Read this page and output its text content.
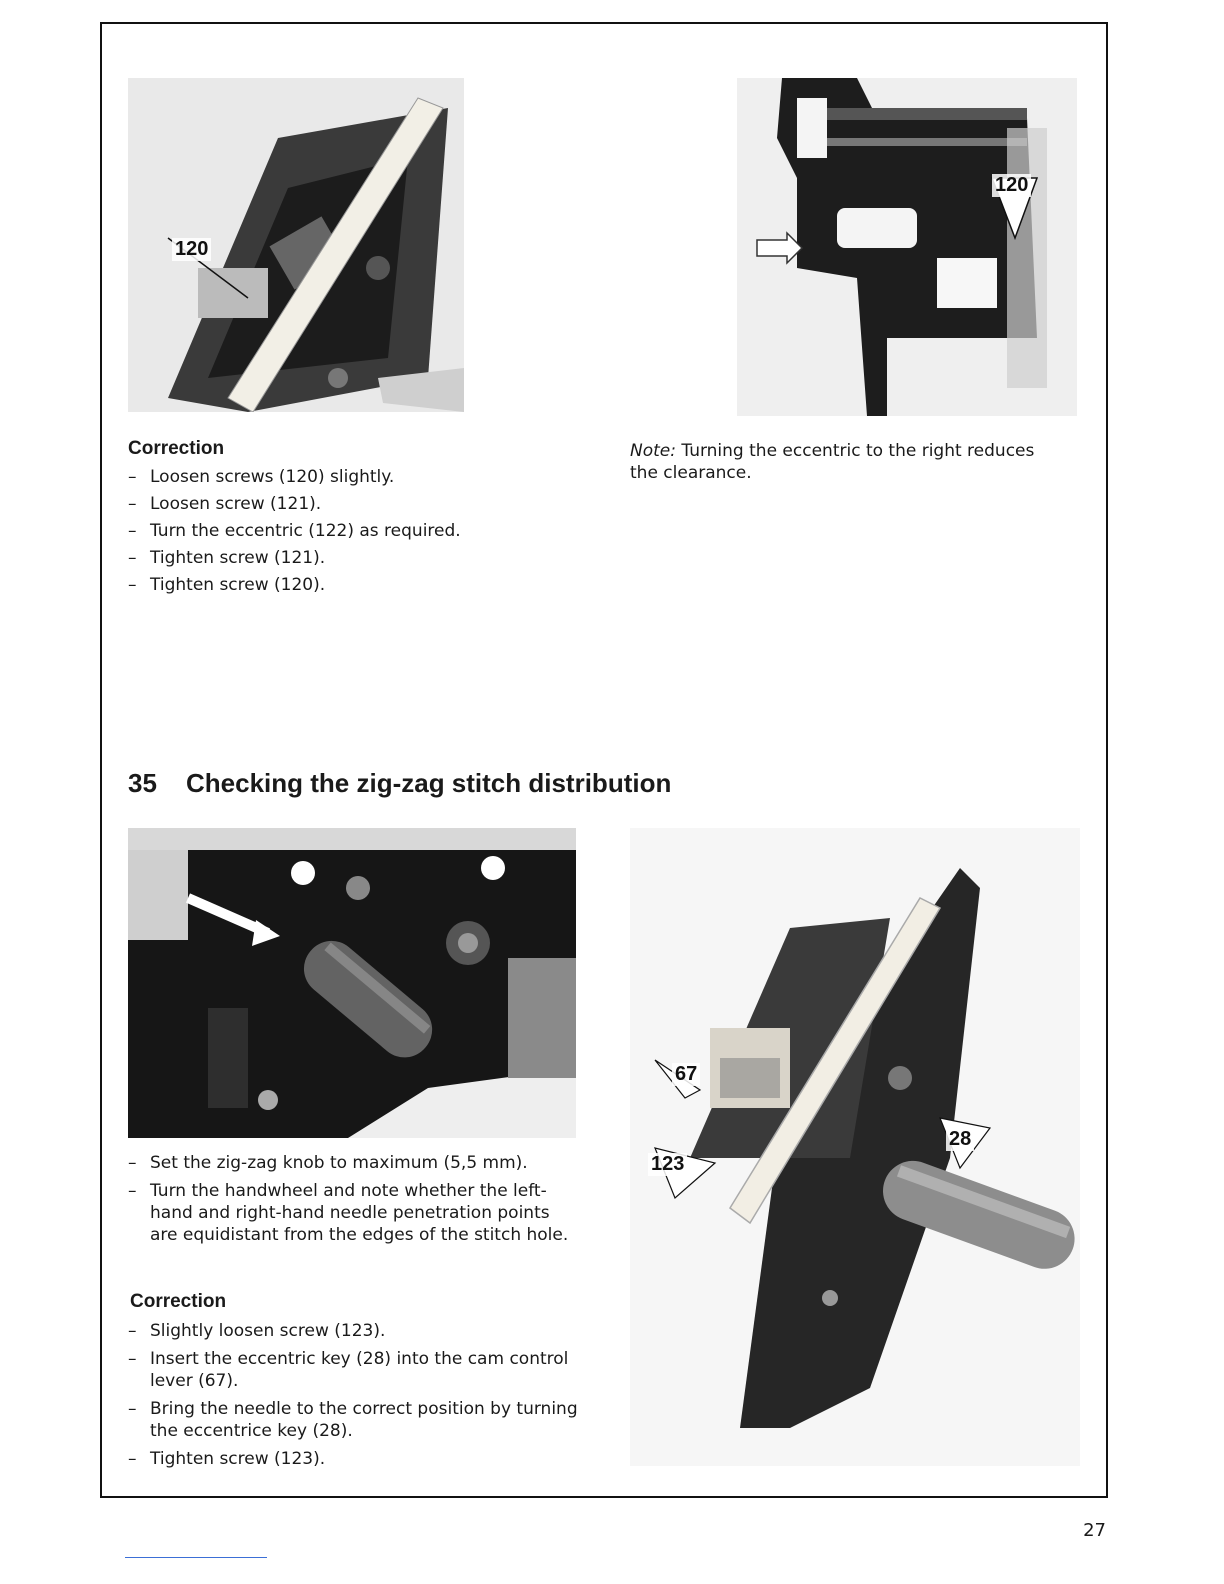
120
120
Correction
– Loosen screws (120) slightly.
– Loosen screw (121).
– Turn the eccentric (122) as required.
– Tighten screw (121).
– Tighten screw (120).
Note: Turning the eccentric to the right reduces the clearance.
35 Checking the zig-zag stitch distribution
– Set the zig-zag knob to maximum (5,5 mm).
– Turn the handwheel and note whether the left-hand and right-hand needle penetration points are equidistant from the edges of the stitch hole.
Correction
– Slightly loosen screw (123).
– Insert the eccentric key (28) into the cam control lever (67).
– Bring the needle to the correct position by turning the eccentrice key (28).
– Tighten screw (123).
67
123
28
27
